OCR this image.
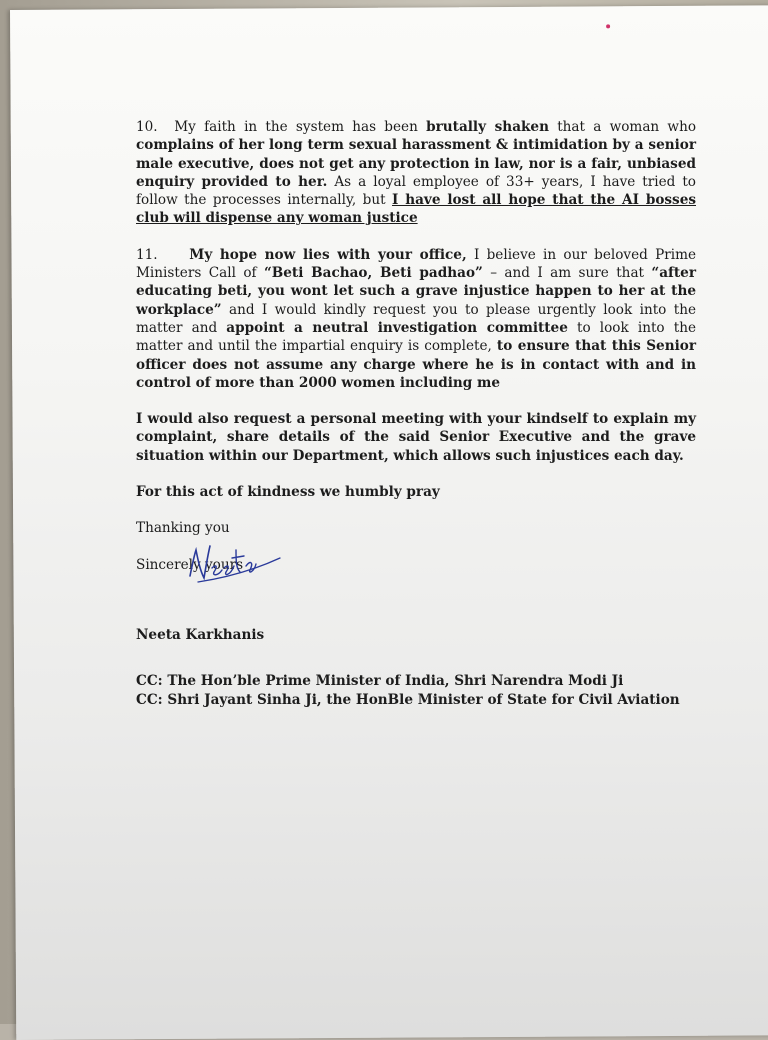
10. My faith in the system has been brutally shaken that a woman who complains of her long term sexual harassment & intimidation by a senior male executive, does not get any protection in law, nor is a fair, unbiased enquiry provided to her. As a loyal employee of 33+ years, I have tried to follow the processes internally, but I have lost all hope that the AI bosses club will dispense any woman justice

11. My hope now lies with your office, I believe in our beloved Prime Ministers Call of “Beti Bachao, Beti padhao” – and I am sure that “after educating beti, you wont let such a grave injustice happen to her at the workplace” and I would kindly request you to please urgently look into the matter and appoint a neutral investigation committee to look into the matter and until the impartial enquiry is complete, to ensure that this Senior officer does not assume any charge where he is in contact with and in control of more than 2000 women including me

I would also request a personal meeting with your kindself to explain my complaint, share details of the said Senior Executive and the grave situation within our Department, which allows such injustices each day.

For this act of kindness we humbly pray

Thanking you

Sincerely yours

Neeta Karkhanis

CC: The Hon’ble Prime Minister of India, Shri Narendra Modi Ji

CC: Shri Jayant Sinha Ji, the HonBle Minister of State for Civil Aviation
